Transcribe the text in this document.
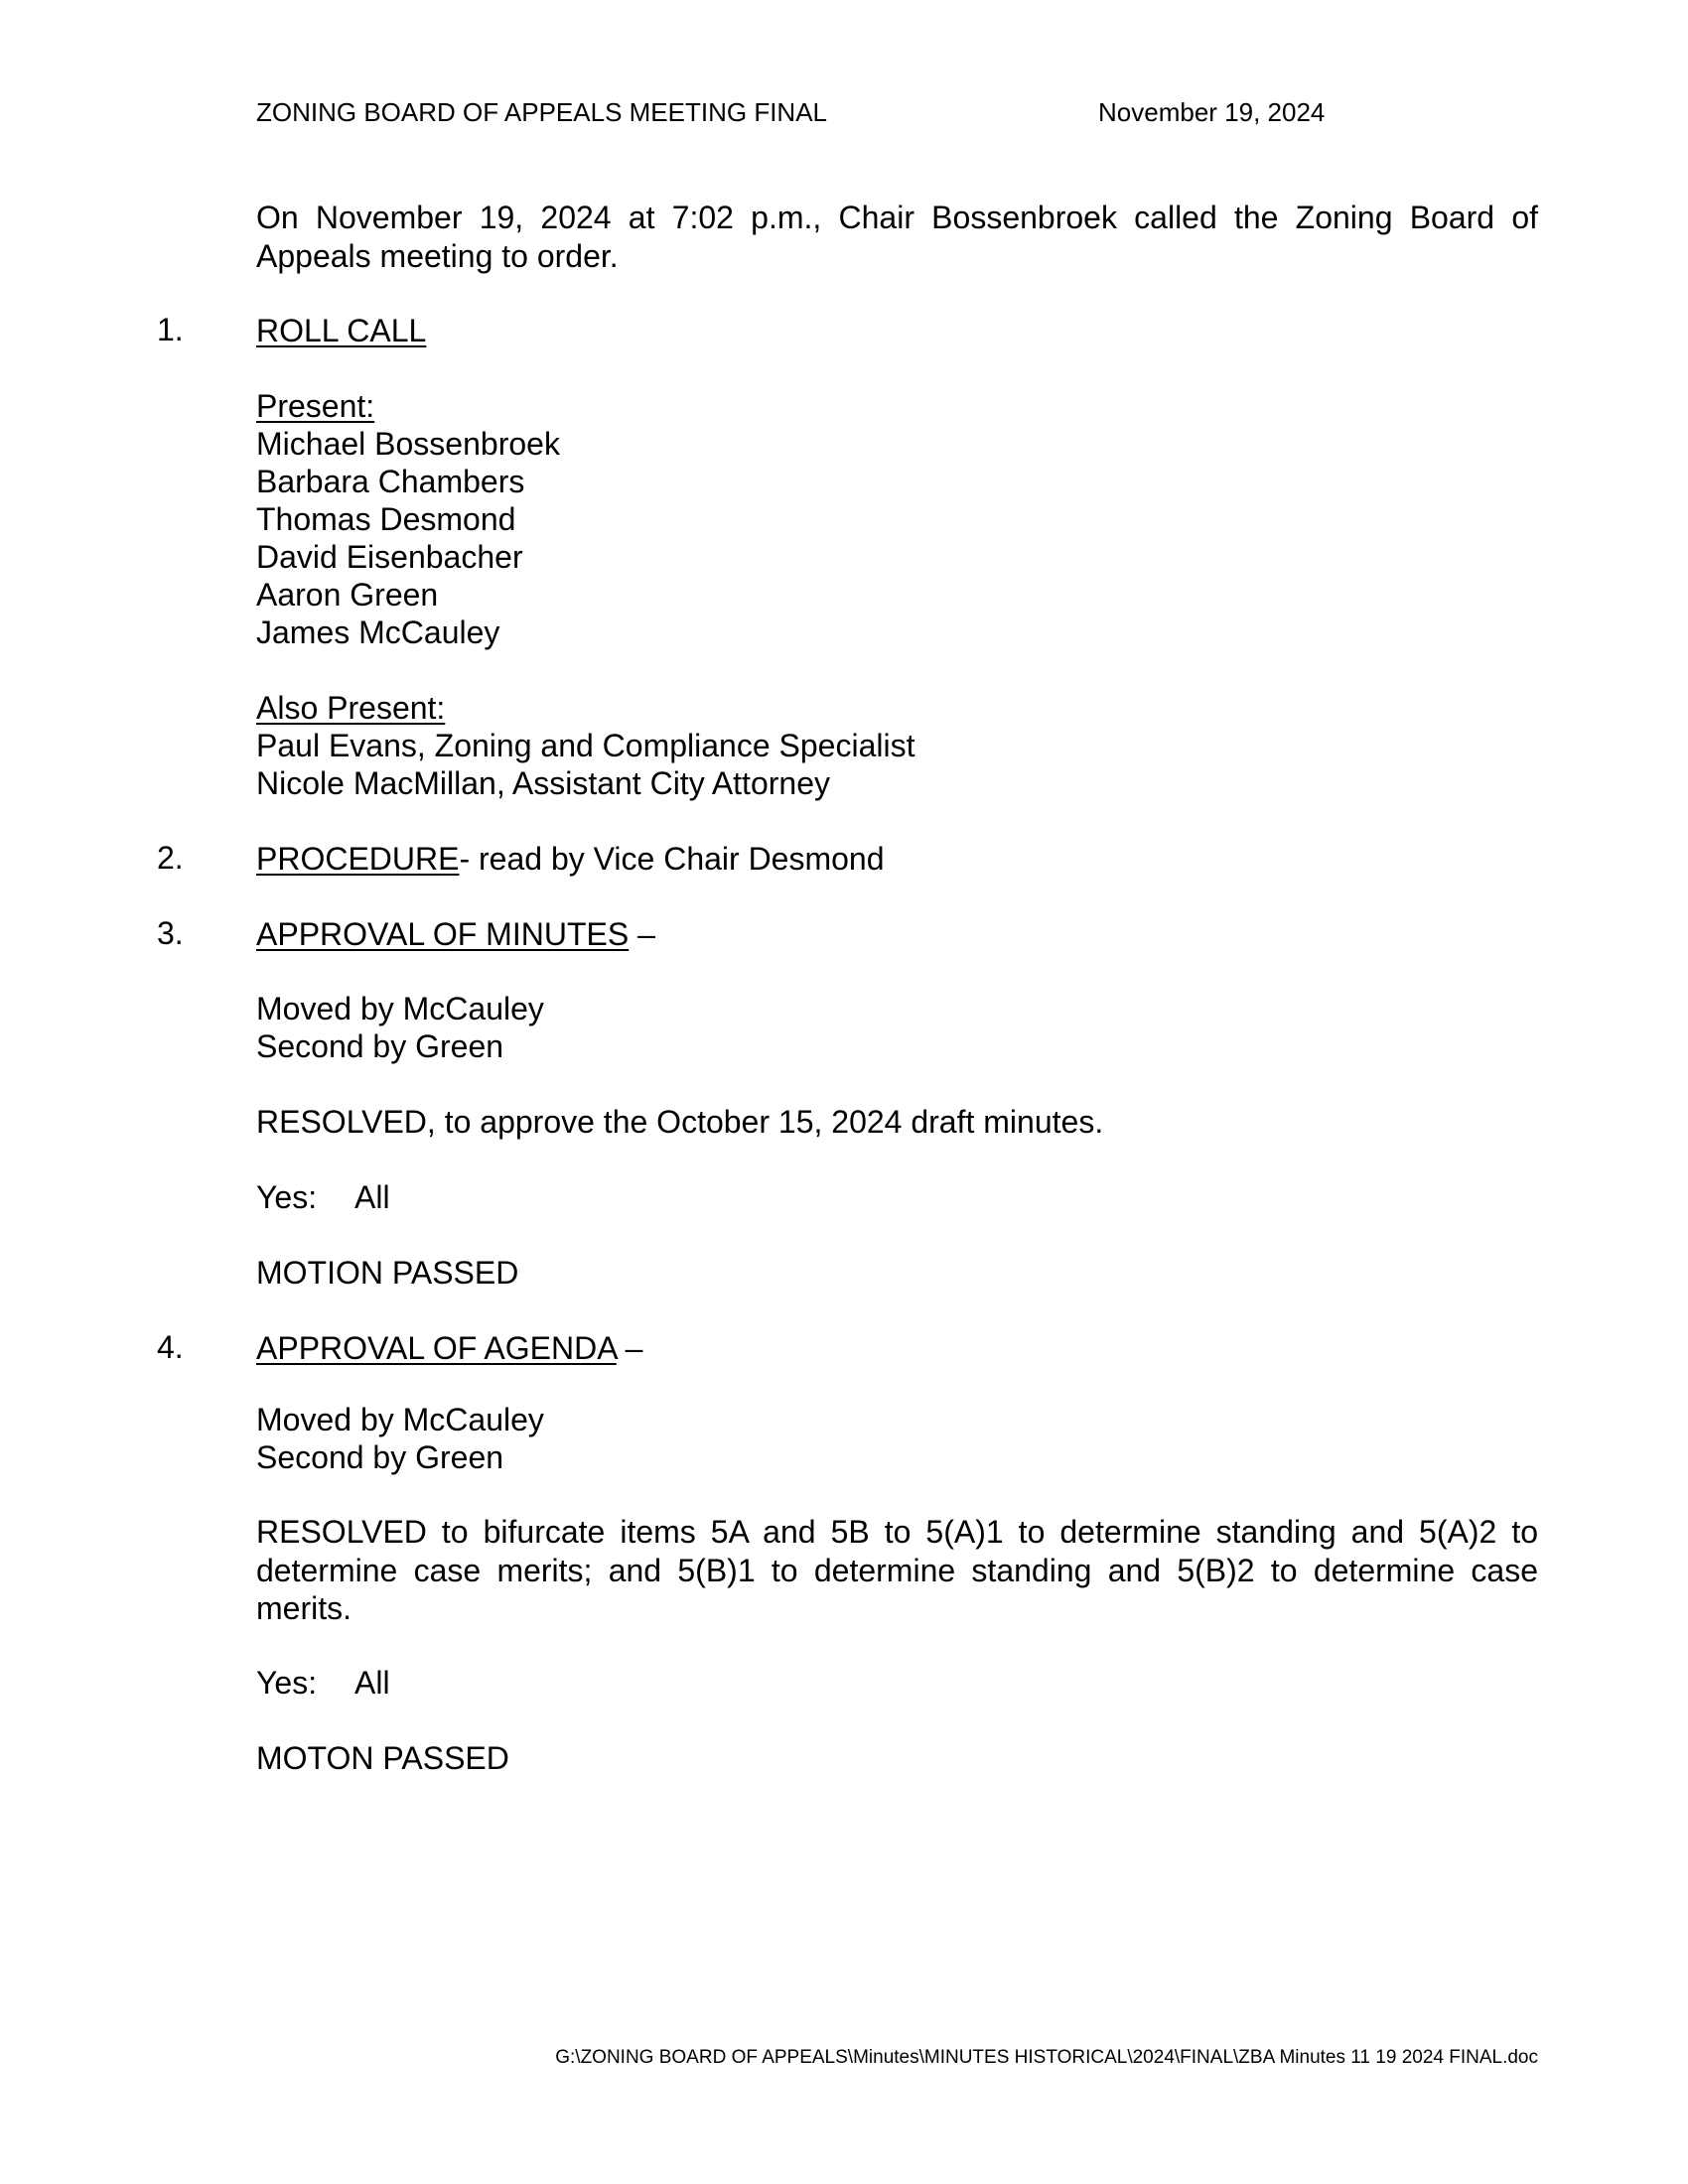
ZONING BOARD OF APPEALS MEETING FINAL	November 19, 2024
On November 19, 2024 at 7:02 p.m., Chair Bossenbroek called the Zoning Board of Appeals meeting to order.
1. ROLL CALL
Present:
Michael Bossenbroek
Barbara Chambers
Thomas Desmond
David Eisenbacher
Aaron Green
James McCauley
Also Present:
Paul Evans, Zoning and Compliance Specialist
Nicole MacMillan, Assistant City Attorney
2. PROCEDURE- read by Vice Chair Desmond
3. APPROVAL OF MINUTES –
Moved by McCauley
Second by Green
RESOLVED, to approve the October 15, 2024 draft minutes.
Yes: All
MOTION PASSED
4. APPROVAL OF AGENDA –
Moved by McCauley
Second by Green
RESOLVED to bifurcate items 5A and 5B to 5(A)1 to determine standing and 5(A)2 to determine case merits; and 5(B)1 to determine standing and 5(B)2 to determine case merits.
Yes: All
MOTON PASSED
G:\ZONING BOARD OF APPEALS\Minutes\MINUTES HISTORICAL\2024\FINAL\ZBA Minutes 11 19 2024 FINAL.doc
